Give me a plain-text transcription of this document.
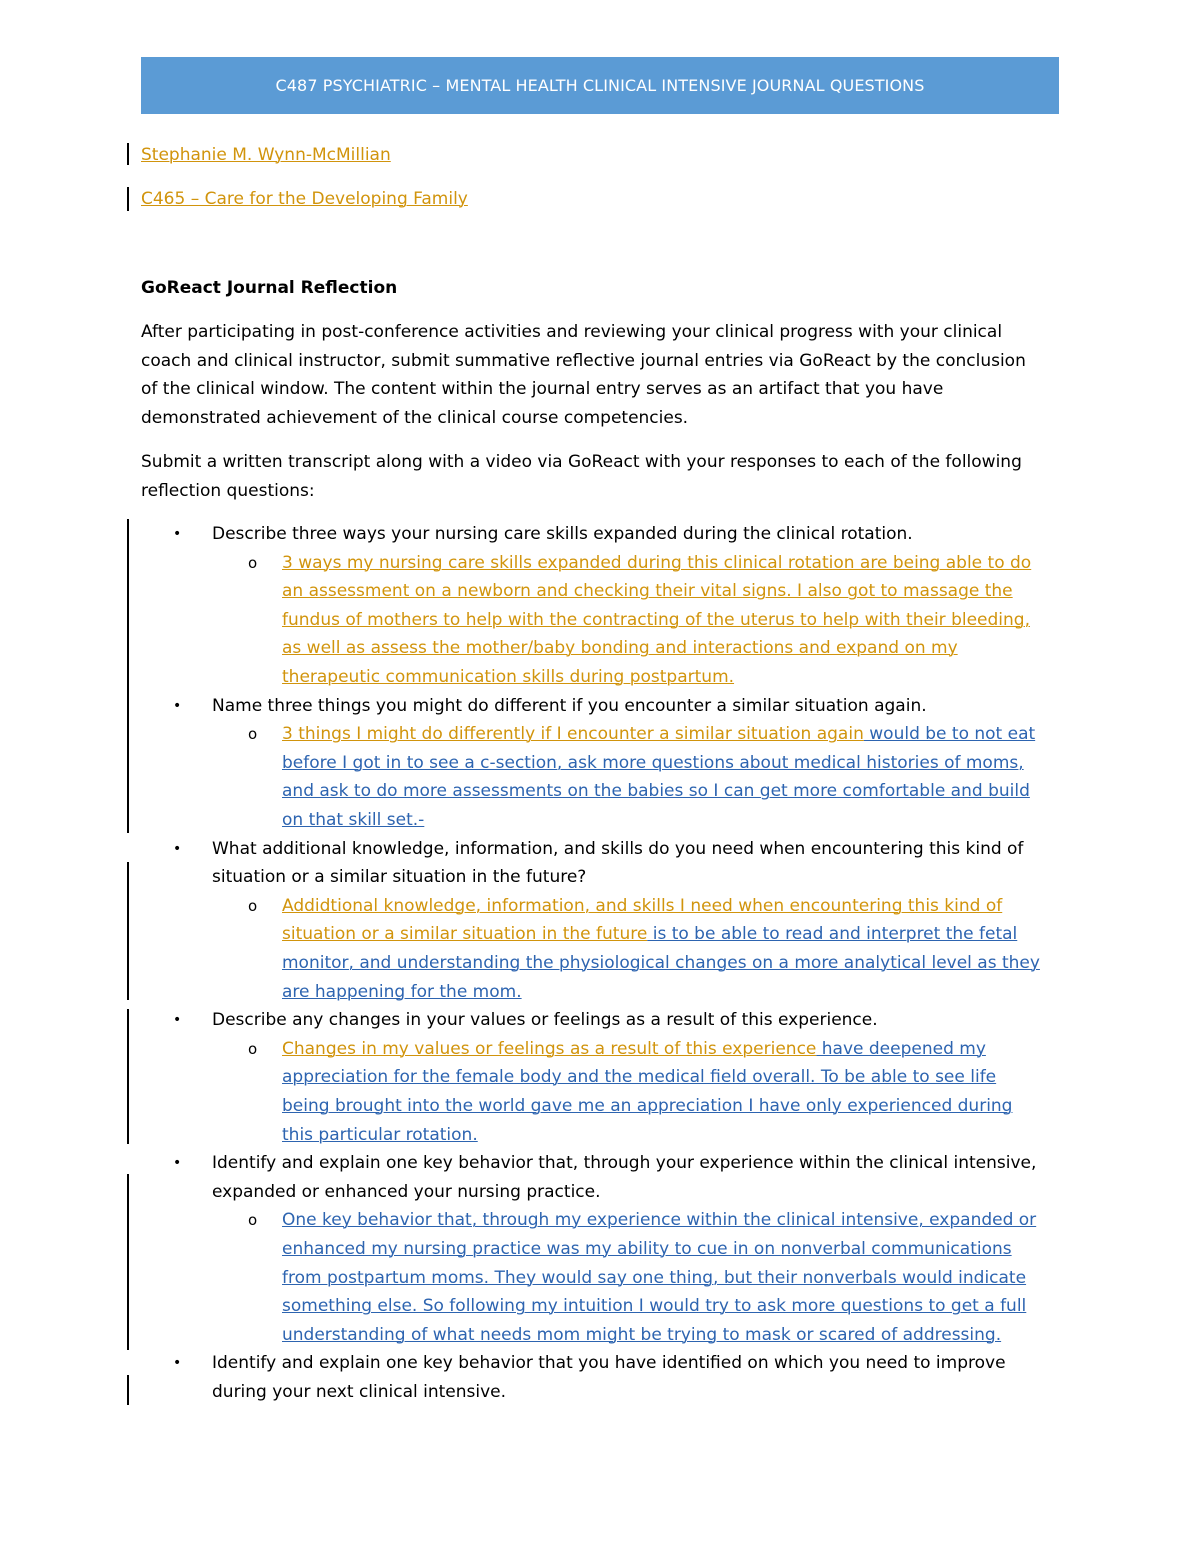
C487 PSYCHIATRIC – MENTAL HEALTH CLINICAL INTENSIVE JOURNAL QUESTIONS
Stephanie M. Wynn-McMillian
C465 – Care for the Developing Family
GoReact Journal Reflection
After participating in post-conference activities and reviewing your clinical progress with your clinical
coach and clinical instructor, submit summative reflective journal entries via GoReact by the conclusion
of the clinical window. The content within the journal entry serves as an artifact that you have
demonstrated achievement of the clinical course competencies.
Submit a written transcript along with a video via GoReact with your responses to each of the following
reflection questions:
• Describe three ways your nursing care skills expanded during the clinical rotation.
o 3 ways my nursing care skills expanded during this clinical rotation are being able to do
an assessment on a newborn and checking their vital signs. I also got to massage the
fundus of mothers to help with the contracting of the uterus to help with their bleeding,
as well as assess the mother/baby bonding and interactions and expand on my
therapeutic communication skills during postpartum.
• Name three things you might do different if you encounter a similar situation again.
o 3 things I might do differently if I encounter a similar situation again would be to not eat
before I got in to see a c-section, ask more questions about medical histories of moms,
and ask to do more assessments on the babies so I can get more comfortable and build
on that skill set.-
• What additional knowledge, information, and skills do you need when encountering this kind of
situation or a similar situation in the future?
o Addidtional knowledge, information, and skills I need when encountering this kind of
situation or a similar situation in the future is to be able to read and interpret the fetal
monitor, and understanding the physiological changes on a more analytical level as they
are happening for the mom.
• Describe any changes in your values or feelings as a result of this experience.
o Changes in my values or feelings as a result of this experience have deepened my
appreciation for the female body and the medical field overall. To be able to see life
being brought into the world gave me an appreciation I have only experienced during
this particular rotation.
• Identify and explain one key behavior that, through your experience within the clinical intensive,
expanded or enhanced your nursing practice.
o One key behavior that, through my experience within the clinical intensive, expanded or
enhanced my nursing practice was my ability to cue in on nonverbal communications
from postpartum moms. They would say one thing, but their nonverbals would indicate
something else. So following my intuition I would try to ask more questions to get a full
understanding of what needs mom might be trying to mask or scared of addressing.
• Identify and explain one key behavior that you have identified on which you need to improve
during your next clinical intensive.
